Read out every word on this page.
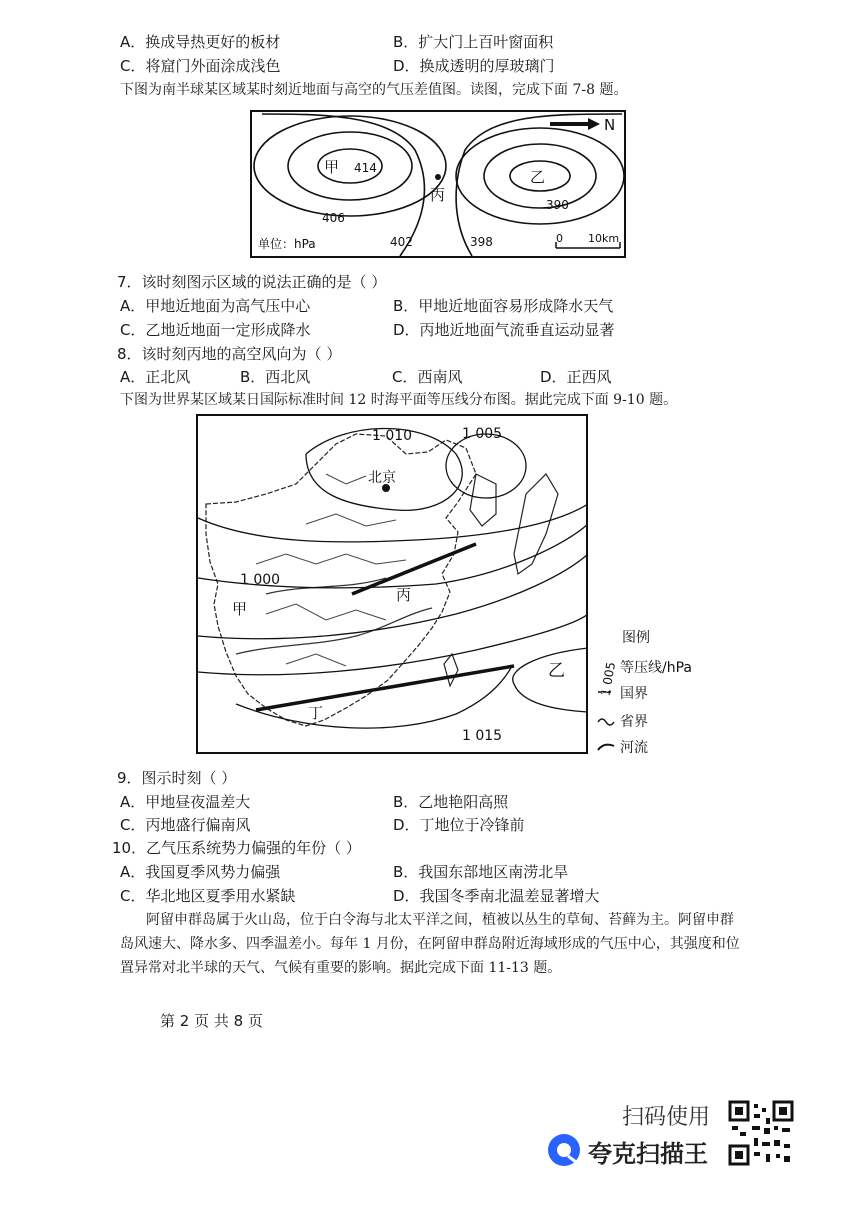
A．换成导热更好的板材	B．扩大门上百叶窗面积
C．将窟门外面涂成浅色	D．换成透明的厚玻璃门
下图为南半球某区域某时刻近地面与高空的气压差值图。读图，完成下面 7-8 题。
N
甲 414
406
乙
390
丙
402	398
单位：hPa	0 10km
7．该时刻图示区域的说法正确的是（ ）
A．甲地近地面为高气压中心	B．甲地近地面容易形成降水天气
C．乙地近地面一定形成降水	D．丙地近地面气流垂直运动显著
8．该时刻丙地的高空风向为（ ）
A．正北风	B．西北风	C．西南风	D．正西风
下图为世界某区域某日国际标准时间 12 时海平面等压线分布图。据此完成下面 9-10 题。
1 010	1 005
1 000
1 015
北京
甲
乙
丙
丁
图例
1 005 等压线/hPa
国界
省界
河流
9．图示时刻（ ）
A．甲地昼夜温差大	B．乙地艳阳高照
C．丙地盛行偏南风	D．丁地位于冷锋前
10．乙气压系统势力偏强的年份（ ）
A．我国夏季风势力偏强	B．我国东部地区南涝北旱
C．华北地区夏季用水紧缺	D．我国冬季南北温差显著增大
阿留申群岛属于火山岛，位于白令海与北太平洋之间，植被以丛生的草甸、苔藓为主。阿留申群
岛风速大、降水多、四季温差小。每年 1 月份，在阿留申群岛附近海域形成的气压中心，其强度和位
置异常对北半球的天气、气候有重要的影响。据此完成下面 11-13 题。
第 2 页 共 8 页
扫码使用
夸克扫描王
